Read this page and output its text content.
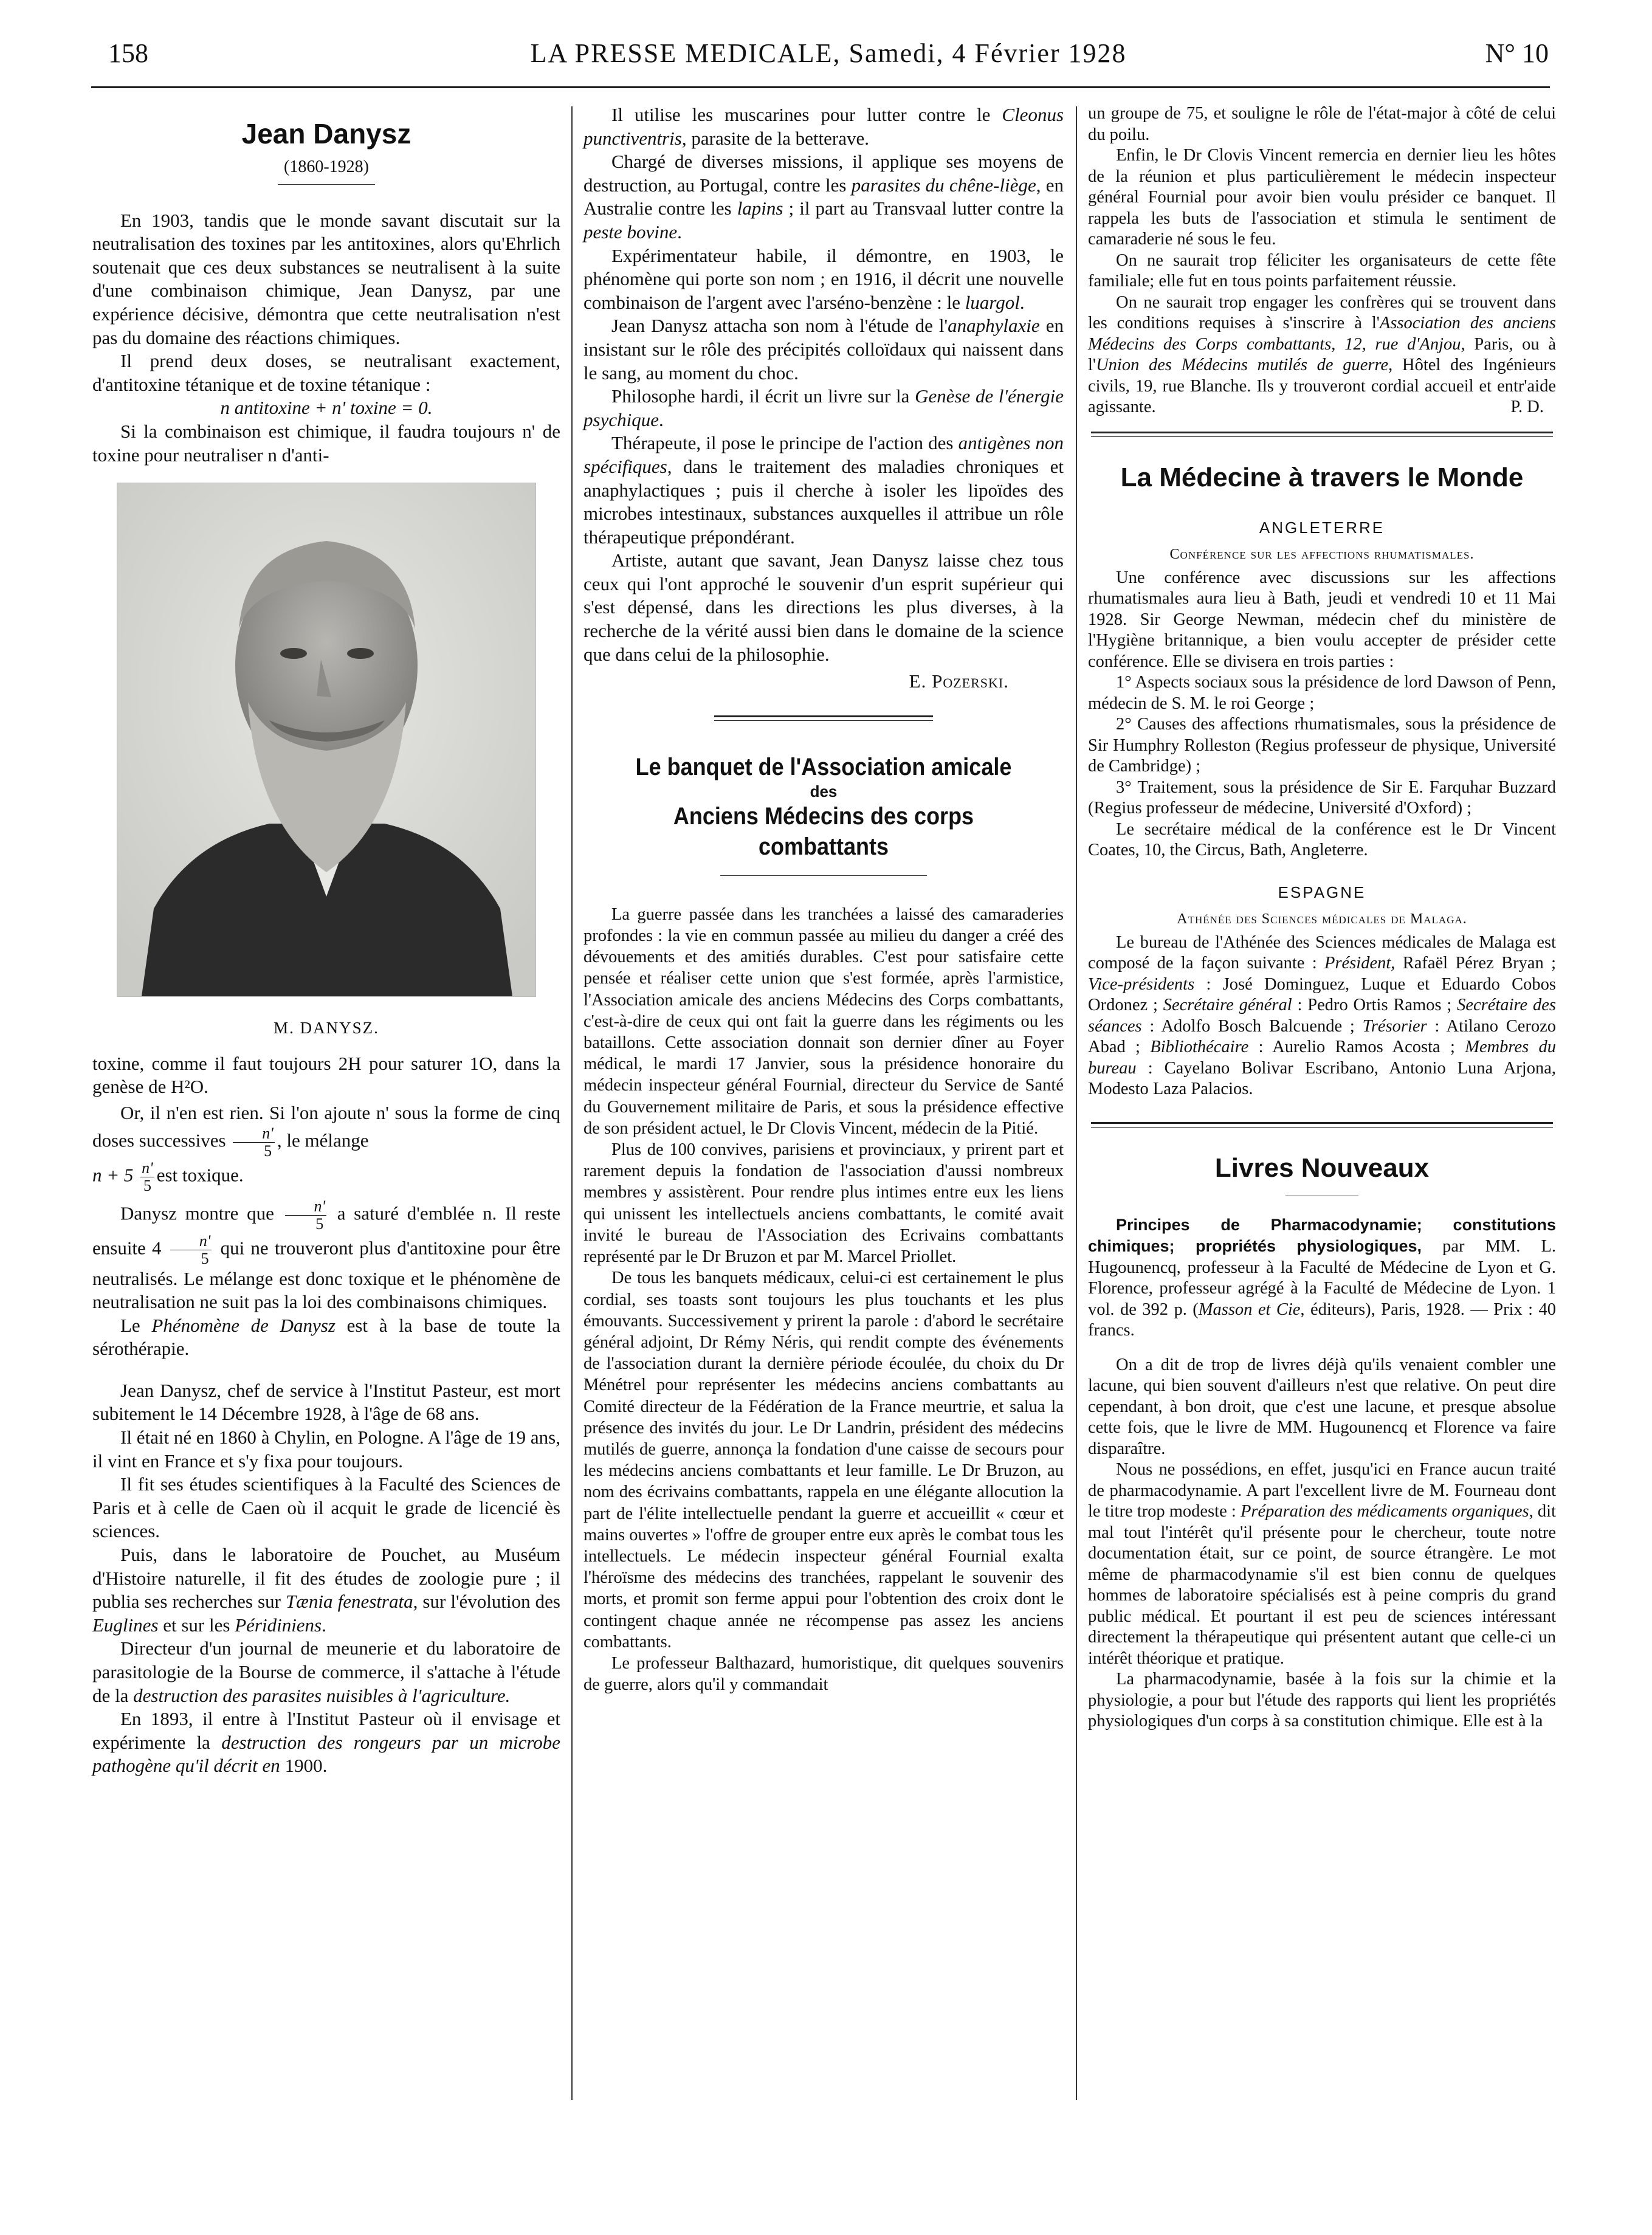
158	LA PRESSE MEDICALE, Samedi, 4 Février 1928	N° 10
Jean Danysz
(1860-1928)

En 1903, tandis que le monde savant discutait sur la neutralisation des toxines par les antitoxines, alors qu'Ehrlich soutenait que ces deux substances se neutralisent à la suite d'une combinaison chimique, Jean Danysz, par une expérience décisive, démontra que cette neutralisation n'est pas du domaine des réactions chimiques.

Il prend deux doses, se neutralisant exactement, d'antitoxine tétanique et de toxine tétanique :

n antitoxine + n' toxine = 0.

Si la combinaison est chimique, il faudra toujours n' de toxine pour neutraliser n d'anti-

M. DANYSZ.

toxine, comme il faut toujours 2H pour saturer 1O, dans la genèse de H²O.

Or, il n'en est rien. Si l'on ajoute n' sous la forme de cinq doses successives $\frac{n'}{5}$ , le mélange

$n + 5 \frac{n'}{5}$ est toxique.

Danysz montre que $\frac{n'}{5}$ a saturé d'emblée n. Il reste ensuite $4 \frac{n'}{5}$ qui ne trouveront plus d'antitoxine pour être neutralisés. Le mélange est donc toxique et le phénomène de neutralisation ne suit pas la loi des combinaisons chimiques.

Le Phénomène de Danysz est à la base de toute la sérothérapie.

Jean Danysz, chef de service à l'Institut Pasteur, est mort subitement le 14 Décembre 1928, à l'âge de 68 ans.

Il était né en 1860 à Chylin, en Pologne. A l'âge de 19 ans, il vint en France et s'y fixa pour toujours.

Il fit ses études scientifiques à la Faculté des Sciences de Paris et à celle de Caen où il acquit le grade de licencié ès sciences.

Puis, dans le laboratoire de Pouchet, au Muséum d'Histoire naturelle, il fit des études de zoologie pure ; il publia ses recherches sur Tænia fenestrata, sur l'évolution des Euglines et sur les Péridiniens.

Directeur d'un journal de meunerie et du laboratoire de parasitologie de la Bourse de commerce, il s'attache à l'étude de la destruction des parasites nuisibles à l'agriculture.

En 1893, il entre à l'Institut Pasteur où il envisage et expérimente la destruction des rongeurs par un microbe pathogène qu'il décrit en 1900.

Il utilise les muscarines pour lutter contre le Cleonus punctiventris, parasite de la betterave.

Chargé de diverses missions, il applique ses moyens de destruction, au Portugal, contre les parasites du chêne-liège, en Australie contre les lapins ; il part au Transvaal lutter contre la peste bovine.

Expérimentateur habile, il démontre, en 1903, le phénomène qui porte son nom ; en 1916, il décrit une nouvelle combinaison de l'argent avec l'arséno-benzène : le luargol.

Jean Danysz attacha son nom à l'étude de l'anaphylaxie en insistant sur le rôle des précipités colloïdaux qui naissent dans le sang, au moment du choc.

Philosophe hardi, il écrit un livre sur la Genèse de l'énergie psychique.

Thérapeute, il pose le principe de l'action des antigènes non spécifiques, dans le traitement des maladies chroniques et anaphylactiques ; puis il cherche à isoler les lipoïdes des microbes intestinaux, substances auxquelles il attribue un rôle thérapeutique prépondérant.

Artiste, autant que savant, Jean Danysz laisse chez tous ceux qui l'ont approché le souvenir d'un esprit supérieur qui s'est dépensé, dans les directions les plus diverses, à la recherche de la vérité aussi bien dans le domaine de la science que dans celui de la philosophie.

E. Pozerski.

Le banquet de l'Association amicale
des
Anciens Médecins des corps combattants

La guerre passée dans les tranchées a laissé des camaraderies profondes : la vie en commun passée au milieu du danger a créé des dévouements et des amitiés durables. C'est pour satisfaire cette pensée et réaliser cette union que s'est formée, après l'armistice, l'Association amicale des anciens Médecins des Corps combattants, c'est-à-dire de ceux qui ont fait la guerre dans les régiments ou les bataillons. Cette association donnait son dernier dîner au Foyer médical, le mardi 17 Janvier, sous la présidence honoraire du médecin inspecteur général Fournial, directeur du Service de Santé du Gouvernement militaire de Paris, et sous la présidence effective de son président actuel, le Dr Clovis Vincent, médecin de la Pitié.

Plus de 100 convives, parisiens et provinciaux, y prirent part et rarement depuis la fondation de l'association d'aussi nombreux membres y assistèrent. Pour rendre plus intimes entre eux les liens qui unissent les intellectuels anciens combattants, le comité avait invité le bureau de l'Association des Ecrivains combattants représenté par le Dr Bruzon et par M. Marcel Priollet.

De tous les banquets médicaux, celui-ci est certainement le plus cordial, ses toasts sont toujours les plus touchants et les plus émouvants. Successivement y prirent la parole : d'abord le secrétaire général adjoint, Dr Rémy Néris, qui rendit compte des événements de l'association durant la dernière période écoulée, du choix du Dr Ménétrel pour représenter les médecins anciens combattants au Comité directeur de la Fédération de la France meurtrie, et salua la présence des invités du jour. Le Dr Landrin, président des médecins mutilés de guerre, annonça la fondation d'une caisse de secours pour les médecins anciens combattants et leur famille. Le Dr Bruzon, au nom des écrivains combattants, rappela en une élégante allocution la part de l'élite intellectuelle pendant la guerre et accueillit « cœur et mains ouvertes » l'offre de grouper entre eux après le combat tous les intellectuels. Le médecin inspecteur général Fournial exalta l'héroïsme des médecins des tranchées, rappelant le souvenir des morts, et promit son ferme appui pour l'obtention des croix dont le contingent chaque année ne récompense pas assez les anciens combattants.

Le professeur Balthazard, humoristique, dit quelques souvenirs de guerre, alors qu'il y commandait

un groupe de 75, et souligne le rôle de l'état-major à côté de celui du poilu.

Enfin, le Dr Clovis Vincent remercia en dernier lieu les hôtes de la réunion et plus particulièrement le médecin inspecteur général Fournial pour avoir bien voulu présider ce banquet. Il rappela les buts de l'association et stimula le sentiment de camaraderie né sous le feu.

On ne saurait trop féliciter les organisateurs de cette fête familiale; elle fut en tous points parfaitement réussie.

On ne saurait trop engager les confrères qui se trouvent dans les conditions requises à s'inscrire à l'Association des anciens Médecins des Corps combattants, 12, rue d'Anjou, Paris, ou à l'Union des Médecins mutilés de guerre, Hôtel des Ingénieurs civils, 19, rue Blanche. Ils y trouveront cordial accueil et entr'aide agissante.	P. D.

La Médecine à travers le Monde
ANGLETERRE
Conférence sur les affections rhumatismales.

Une conférence avec discussions sur les affections rhumatismales aura lieu à Bath, jeudi et vendredi 10 et 11 Mai 1928. Sir George Newman, médecin chef du ministère de l'Hygiène britannique, a bien voulu accepter de présider cette conférence. Elle se divisera en trois parties :

1° Aspects sociaux sous la présidence de lord Dawson of Penn, médecin de S. M. le roi George ;

2° Causes des affections rhumatismales, sous la présidence de Sir Humphry Rolleston (Regius professeur de physique, Université de Cambridge) ;

3° Traitement, sous la présidence de Sir E. Farquhar Buzzard (Regius professeur de médecine, Université d'Oxford) ;

Le secrétaire médical de la conférence est le Dr Vincent Coates, 10, the Circus, Bath, Angleterre.

ESPAGNE
Athénée des Sciences médicales de Malaga.

Le bureau de l'Athénée des Sciences médicales de Malaga est composé de la façon suivante : Président, Rafaël Pérez Bryan ; Vice-présidents : José Dominguez, Luque et Eduardo Cobos Ordonez ; Secrétaire général : Pedro Ortis Ramos ; Secrétaire des séances : Adolfo Bosch Balcuende ; Trésorier : Atilano Cerozo Abad ; Bibliothécaire : Aurelio Ramos Acosta ; Membres du bureau : Cayelano Bolivar Escribano, Antonio Luna Arjona, Modesto Laza Palacios.

Livres Nouveaux

Principes de Pharmacodynamie; constitutions chimiques; propriétés physiologiques, par MM. L. Hugounencq, professeur à la Faculté de Médecine de Lyon et G. Florence, professeur agrégé à la Faculté de Médecine de Lyon. 1 vol. de 392 p. (Masson et Cie, éditeurs), Paris, 1928. — Prix : 40 francs.

On a dit de trop de livres déjà qu'ils venaient combler une lacune, qui bien souvent d'ailleurs n'est que relative. On peut dire cependant, à bon droit, que c'est une lacune, et presque absolue cette fois, que le livre de MM. Hugounencq et Florence va faire disparaître.

Nous ne possédions, en effet, jusqu'ici en France aucun traité de pharmacodynamie. A part l'excellent livre de M. Fourneau dont le titre trop modeste : Préparation des médicaments organiques, dit mal tout l'intérêt qu'il présente pour le chercheur, toute notre documentation était, sur ce point, de source étrangère. Le mot même de pharmacodynamie s'il est bien connu de quelques hommes de laboratoire spécialisés est à peine compris du grand public médical. Et pourtant il est peu de sciences intéressant directement la thérapeutique qui présentent autant que celle-ci un intérêt théorique et pratique.

La pharmacodynamie, basée à la fois sur la chimie et la physiologie, a pour but l'étude des rapports qui lient les propriétés physiologiques d'un corps à sa constitution chimique. Elle est à la
